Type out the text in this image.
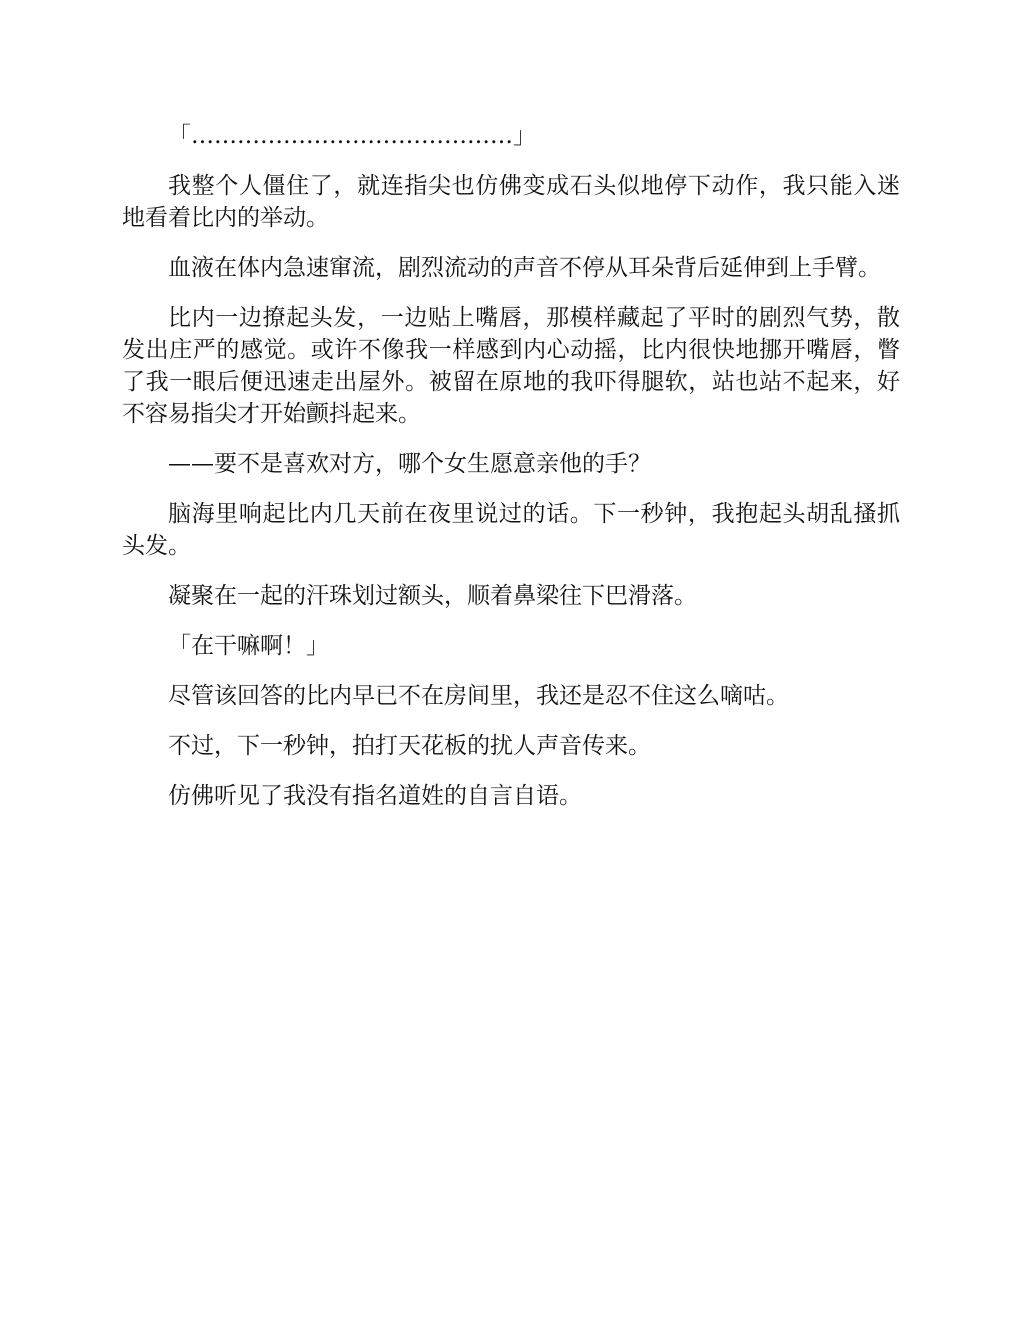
「……………………………………」

我整个人僵住了，就连指尖也仿佛变成石头似地停下动作，我只能入迷地看着比内的举动。

血液在体内急速窜流，剧烈流动的声音不停从耳朵背后延伸到上手臂。

比内一边撩起头发，一边贴上嘴唇，那模样藏起了平时的剧烈气势，散发出庄严的感觉。或许不像我一样感到内心动摇，比内很快地挪开嘴唇，瞥了我一眼后便迅速走出屋外。被留在原地的我吓得腿软，站也站不起来，好不容易指尖才开始颤抖起来。

——要不是喜欢对方，哪个女生愿意亲他的手？

脑海里响起比内几天前在夜里说过的话。下一秒钟，我抱起头胡乱搔抓头发。

凝聚在一起的汗珠划过额头，顺着鼻梁往下巴滑落。

「在干嘛啊！」

尽管该回答的比内早已不在房间里，我还是忍不住这么嘀咕。

不过，下一秒钟，拍打天花板的扰人声音传来。

仿佛听见了我没有指名道姓的自言自语。
